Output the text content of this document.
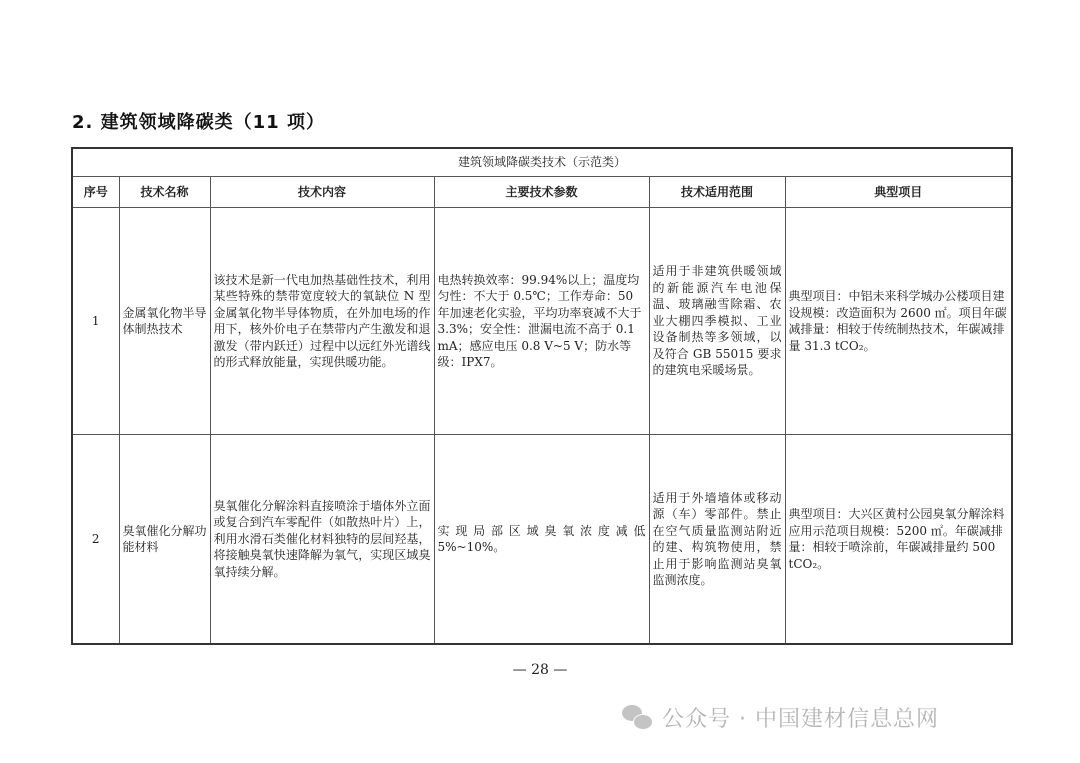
2. 建筑领域降碳类（11 项）
建筑领域降碳类技术（示范类）					
序号	技术名称	技术内容	主要技术参数	技术适用范围	典型项目
1	金属氧化物半导体制热技术	该技术是新一代电加热基础性技术，利用某些特殊的禁带宽度较大的氧缺位 N 型金属氧化物半导体物质，在外加电场的作用下，核外价电子在禁带内产生激发和退激发（带内跃迁）过程中以远红外光谱线的形式释放能量，实现供暖功能。	电热转换效率：99.94%以上；温度均匀性：不大于 0.5℃；工作寿命：50 年加速老化实验，平均功率衰减不大于 3.3%；安全性：泄漏电流不高于 0.1 mA；感应电压 0.8 V~5 V；防水等级：IPX7。	适用于非建筑供暖领域的新能源汽车电池保温、玻璃融雪除霜、农业大棚四季模拟、工业设备制热等多领域，以及符合 GB 55015 要求的建筑电采暖场景。	典型项目：中铝未来科学城办公楼项目建设规模：改造面积为 2600 ㎡。项目年碳减排量：相较于传统制热技术，年碳减排量 31.3 tCO₂。
2	臭氧催化分解功能材料	臭氧催化分解涂料直接喷涂于墙体外立面或复合到汽车零配件（如散热叶片）上，利用水滑石类催化材料独特的层间羟基，将接触臭氧快速降解为氧气，实现区域臭氧持续分解。	实现局部区域臭氧浓度减低 5%~10%。	适用于外墙墙体或移动源（车）零部件。禁止在空气质量监测站附近的建、构筑物使用，禁止用于影响监测站臭氧监测浓度。	典型项目：大兴区黄村公园臭氧分解涂料应用示范项目规模：5200 ㎡。年碳减排量：相较于喷涂前，年碳减排量约 500 tCO₂。
— 28 —
公众号 · 中国建材信息总网
